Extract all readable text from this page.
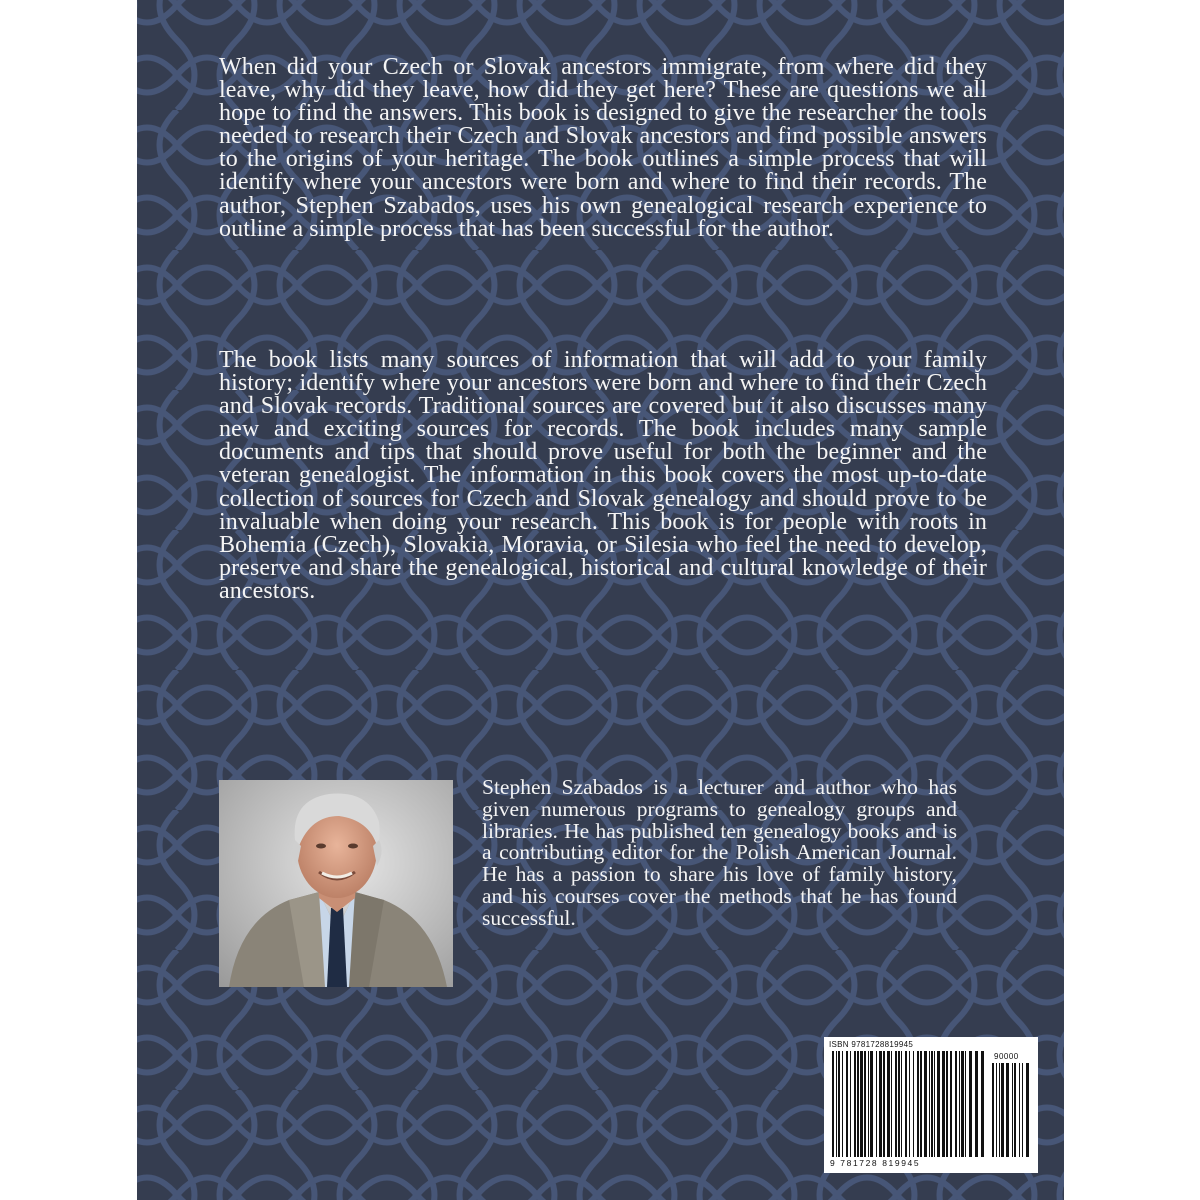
When did your Czech or Slovak ancestors immigrate, from where did they leave, why did they leave, how did they get here? These are questions we all hope to find the answers. This book is designed to give the researcher the tools needed to research their Czech and Slovak ancestors and find possible answers to the origins of your heritage. The book outlines a simple process that will identify where your ancestors were born and where to find their records. The author, Stephen Szabados, uses his own genealogical research experience to outline a simple process that has been successful for the author.

The book lists many sources of information that will add to your family history; identify where your ancestors were born and where to find their Czech and Slovak records. Traditional sources are covered but it also discusses many new and exciting sources for records. The book includes many sample documents and tips that should prove useful for both the beginner and the veteran genealogist. The information in this book covers the most up-to-date collection of sources for Czech and Slovak genealogy and should prove to be invaluable when doing your research. This book is for people with roots in Bohemia (Czech), Slovakia, Moravia, or Silesia who feel the need to develop, preserve and share the genealogical, historical and cultural knowledge of their ancestors.

Stephen Szabados is a lecturer and author who has given numerous programs to genealogy groups and libraries. He has published ten genealogy books and is a contributing editor for the Polish American Journal. He has a passion to share his love of family history, and his courses cover the methods that he has found successful.

ISBN 9781728819945
90000
9 781728 819945
